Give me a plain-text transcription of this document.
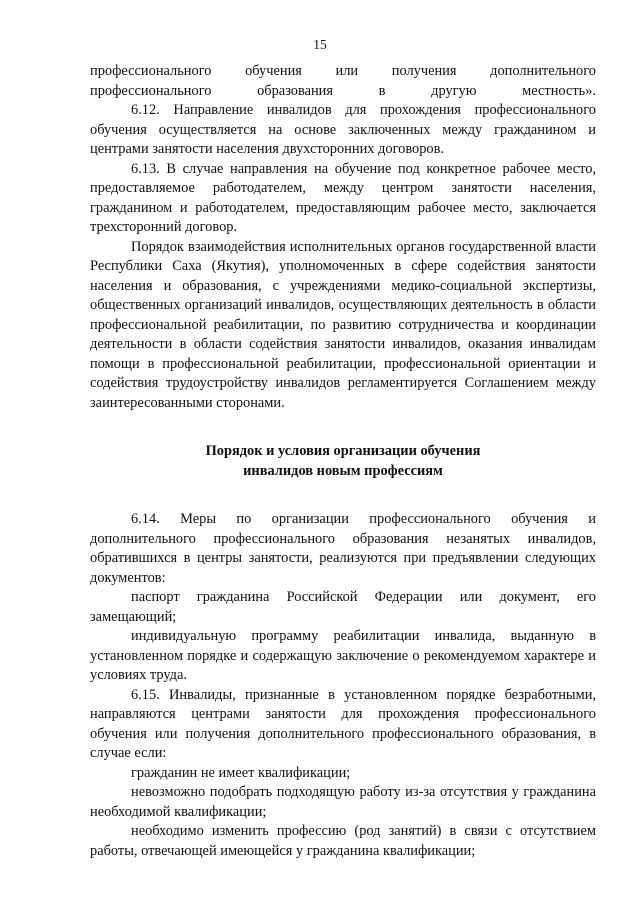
15

профессионального обучения или получения дополнительного профессионального образования в другую местность».

6.12. Направление инвалидов для прохождения профессионального обучения осуществляется на основе заключенных между гражданином и центрами занятости населения двухсторонних договоров.

6.13. В случае направления на обучение под конкретное рабочее место, предоставляемое работодателем, между центром занятости населения, гражданином и работодателем, предоставляющим рабочее место, заключается трехсторонний договор.

Порядок взаимодействия исполнительных органов государственной власти Республики Саха (Якутия), уполномоченных в сфере содействия занятости населения и образования, с учреждениями медико-социальной экспертизы, общественных организаций инвалидов, осуществляющих деятельность в области профессиональной реабилитации, по развитию сотрудничества и координации деятельности в области содействия занятости инвалидов, оказания инвалидам помощи в профессиональной реабилитации, профессиональной ориентации и содействия трудоустройству инвалидов регламентируется Соглашением между заинтересованными сторонами.

Порядок и условия организации обучения
инвалидов новым профессиям

6.14. Меры по организации профессионального обучения и дополнительного профессионального образования незанятых инвалидов, обратившихся в центры занятости, реализуются при предъявлении следующих документов:

паспорт гражданина Российской Федерации или документ, его замещающий;

индивидуальную программу реабилитации инвалида, выданную в установленном порядке и содержащую заключение о рекомендуемом характере и условиях труда.

6.15. Инвалиды, признанные в установленном порядке безработными, направляются центрами занятости для прохождения профессионального обучения или получения дополнительного профессионального образования, в случае если:

гражданин не имеет квалификации;

невозможно подобрать подходящую работу из-за отсутствия у гражданина необходимой квалификации;

необходимо изменить профессию (род занятий) в связи с отсутствием работы, отвечающей имеющейся у гражданина квалификации;
